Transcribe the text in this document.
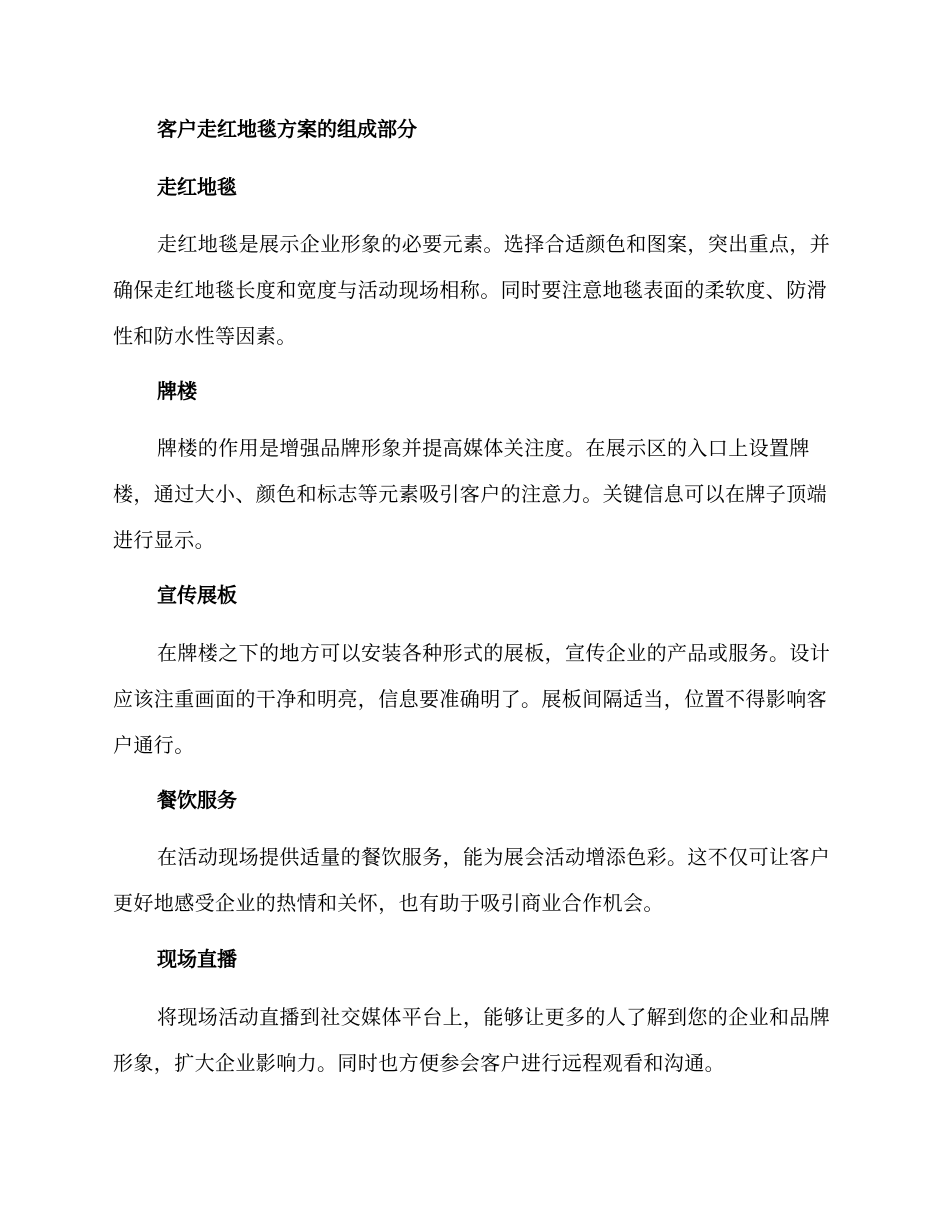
客户走红地毯方案的组成部分
走红地毯

走红地毯是展示企业形象的必要元素。选择合适颜色和图案，突出重点，并确保走红地毯长度和宽度与活动现场相称。同时要注意地毯表面的柔软度、防滑性和防水性等因素。

牌楼

牌楼的作用是增强品牌形象并提高媒体关注度。在展示区的入口上设置牌楼，通过大小、颜色和标志等元素吸引客户的注意力。关键信息可以在牌子顶端进行显示。

宣传展板

在牌楼之下的地方可以安装各种形式的展板，宣传企业的产品或服务。设计应该注重画面的干净和明亮，信息要准确明了。展板间隔适当，位置不得影响客户通行。

餐饮服务

在活动现场提供适量的餐饮服务，能为展会活动增添色彩。这不仅可让客户更好地感受企业的热情和关怀，也有助于吸引商业合作机会。

现场直播

将现场活动直播到社交媒体平台上，能够让更多的人了解到您的企业和品牌形象，扩大企业影响力。同时也方便参会客户进行远程观看和沟通。
